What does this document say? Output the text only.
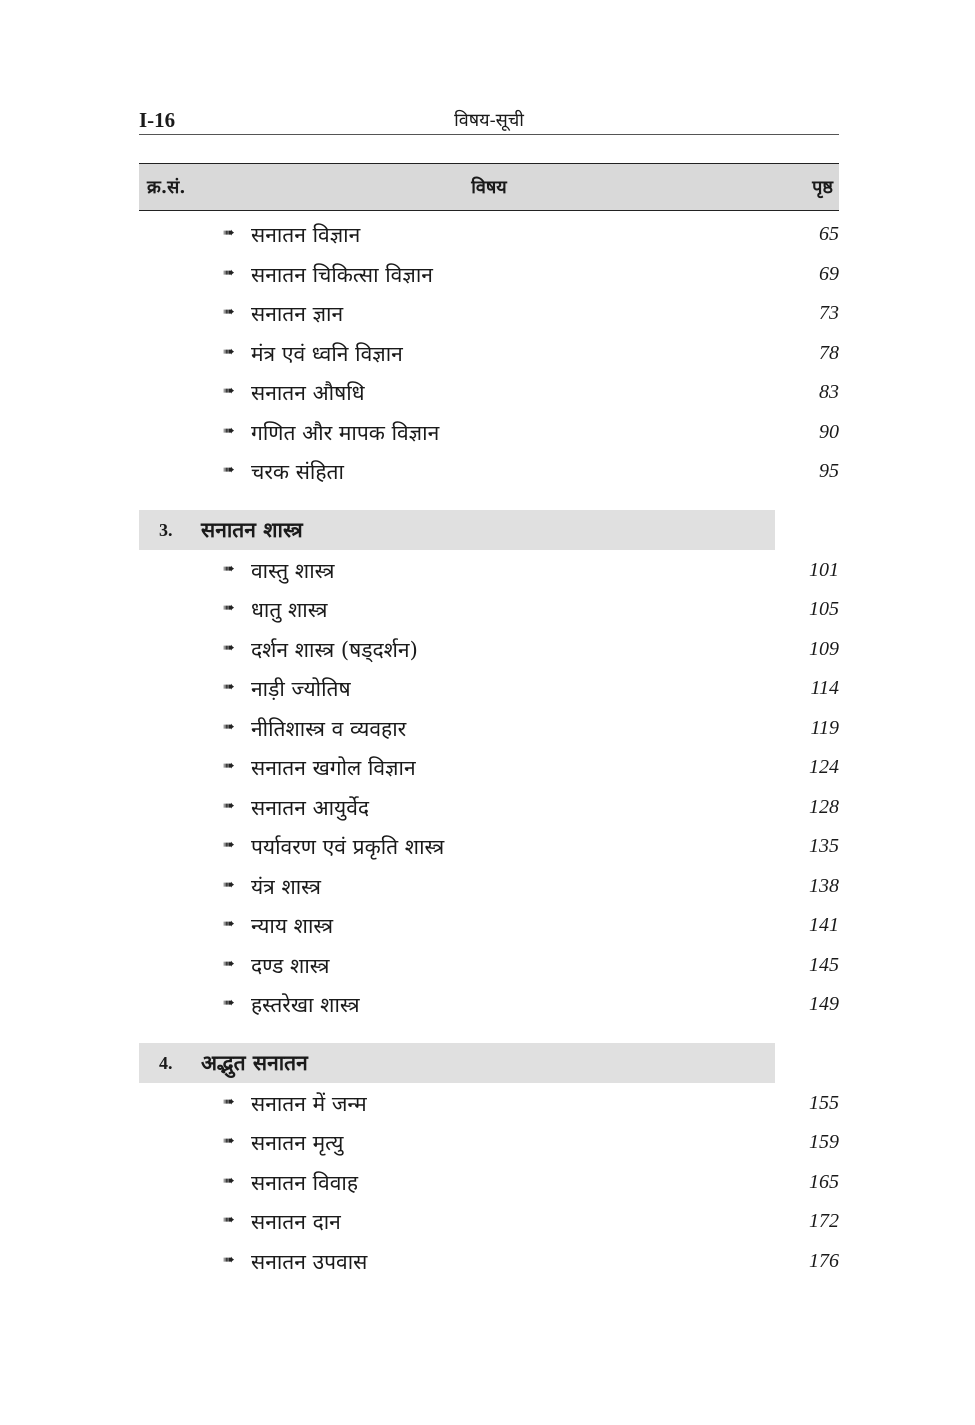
I-16	विषय-सूची
क्र.सं.	विषय	पृष्ठ
➠ सनातन विज्ञान	65
➠ सनातन चिकित्सा विज्ञान	69
➠ सनातन ज्ञान	73
➠ मंत्र एवं ध्वनि विज्ञान	78
➠ सनातन औषधि	83
➠ गणित और मापक विज्ञान	90
➠ चरक संहिता	95
3. सनातन शास्त्र
➠ वास्तु शास्त्र	101
➠ धातु शास्त्र	105
➠ दर्शन शास्त्र (षड्दर्शन)	109
➠ नाड़ी ज्योतिष	114
➠ नीतिशास्त्र व व्यवहार	119
➠ सनातन खगोल विज्ञान	124
➠ सनातन आयुर्वेद	128
➠ पर्यावरण एवं प्रकृति शास्त्र	135
➠ यंत्र शास्त्र	138
➠ न्याय शास्त्र	141
➠ दण्ड शास्त्र	145
➠ हस्तरेखा शास्त्र	149
4. अद्भुत सनातन
➠ सनातन में जन्म	155
➠ सनातन मृत्यु	159
➠ सनातन विवाह	165
➠ सनातन दान	172
➠ सनातन उपवास	176
